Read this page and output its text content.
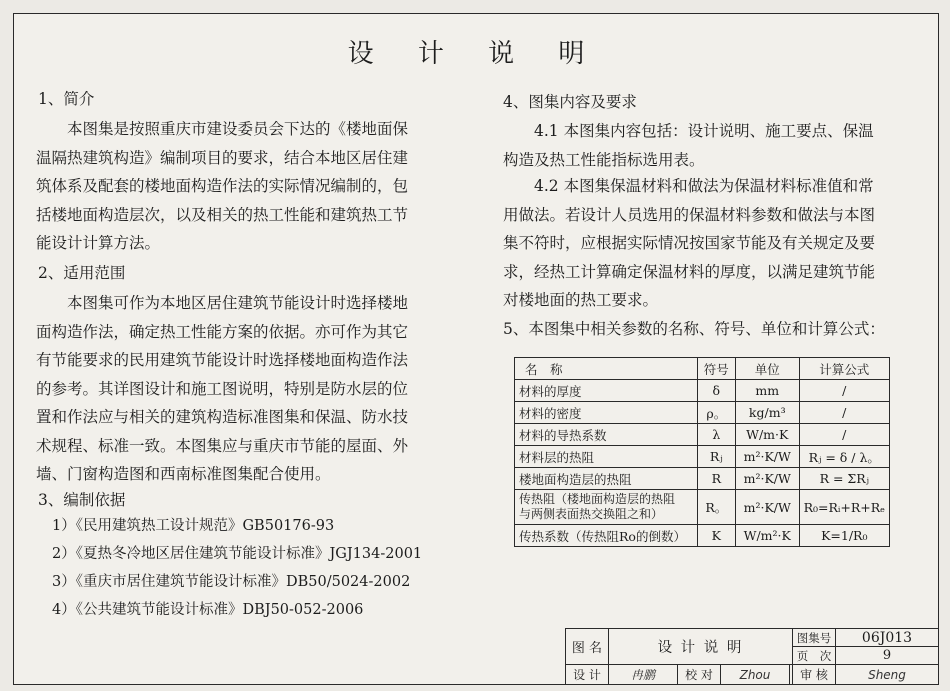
设 计 说 明
1、简介
本图集是按照重庆市建设委员会下达的《楼地面保
温隔热建筑构造》编制项目的要求，结合本地区居住建
筑体系及配套的楼地面构造作法的实际情况编制的，包
括楼地面构造层次，以及相关的热工性能和建筑热工节
能设计计算方法。
2、适用范围
本图集可作为本地区居住建筑节能设计时选择楼地
面构造作法，确定热工性能方案的依据。亦可作为其它
有节能要求的民用建筑节能设计时选择楼地面构造作法
的参考。其详图设计和施工图说明，特别是防水层的位
置和作法应与相关的建筑构造标准图集和保温、防水技
术规程、标准一致。本图集应与重庆市节能的屋面、外
墙、门窗构造图和西南标准图集配合使用。
3、编制依据
1）《民用建筑热工设计规范》GB50176-93
2）《夏热冬冷地区居住建筑节能设计标准》JGJ134-2001
3）《重庆市居住建筑节能设计标准》DB50/5024-2002
4）《公共建筑节能设计标准》DBJ50-052-2006
4、图集内容及要求
4.1 本图集内容包括：设计说明、施工要点、保温
构造及热工性能指标选用表。
4.2 本图集保温材料和做法为保温材料标准值和常
用做法。若设计人员选用的保温材料参数和做法与本图
集不符时，应根据实际情况按国家节能及有关规定及要
求，经热工计算确定保温材料的厚度，以满足建筑节能
对楼地面的热工要求。
5、本图集中相关参数的名称、符号、单位和计算公式：
名　称	符号	单位	计算公式
材料的厚度	δ	mm	/
材料的密度	ρ。	kg/m³	/
材料的导热系数	λ	W/m·K	/
材料层的热阻	Rⱼ	m²·K/W	Rⱼ = δ / λ。
楼地面构造层的热阻	R	m²·K/W	R = ΣRⱼ

传热阻（楼地面构造层的热阻
与两侧表面热交换阻之和）	R。	m²·K/W	R₀=Rᵢ+R+Rₑ
传热系数（传热阻Ro的倒数）	K	W/m²·K	K=1/R₀
图 名	设 计 说 明				图集号	06J013
					页　次	9
设 计	冉鹏	校 对	Zhou		审 核	Sheng
